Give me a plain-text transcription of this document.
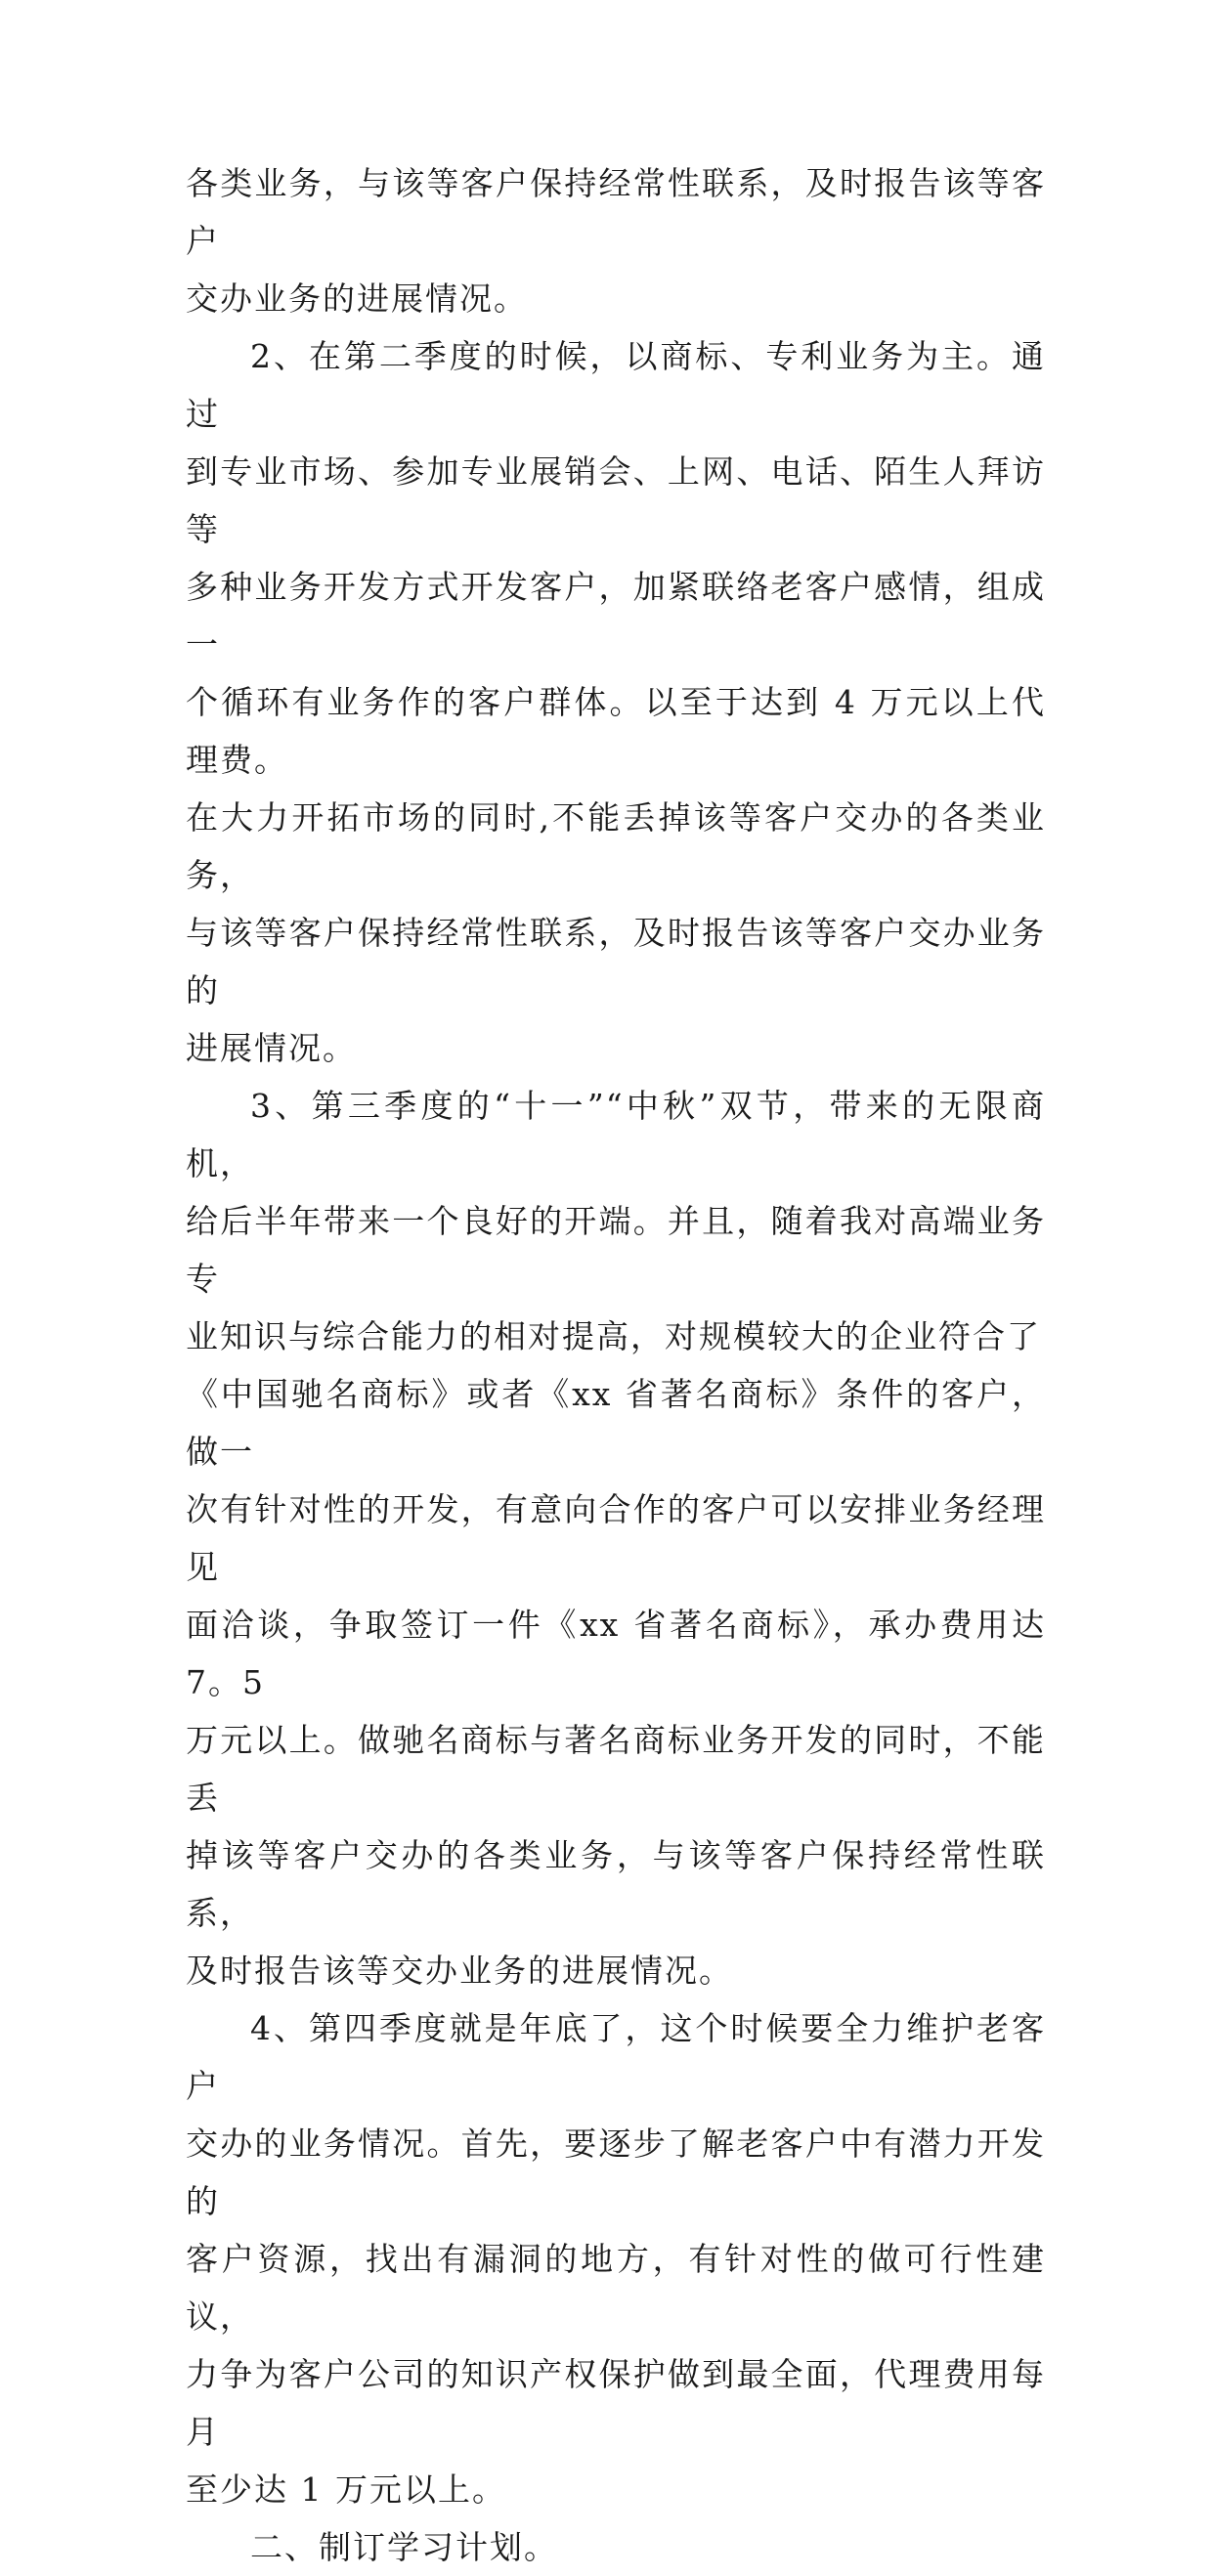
各类业务，与该等客户保持经常性联系，及时报告该等客户
交办业务的进展情况。

2、在第二季度的时候，以商标、专利业务为主。通过
到专业市场、参加专业展销会、上网、电话、陌生人拜访等
多种业务开发方式开发客户，加紧联络老客户感情，组成一
个循环有业务作的客户群体。以至于达到 4 万元以上代理费。
在大力开拓市场的同时,不能丢掉该等客户交办的各类业务，
与该等客户保持经常性联系，及时报告该等客户交办业务的
进展情况。

3、第三季度的“十一”“中秋”双节，带来的无限商机，
给后半年带来一个良好的开端。并且，随着我对高端业务专
业知识与综合能力的相对提高，对规模较大的企业符合了
《中国驰名商标》或者《xx 省著名商标》条件的客户，做一
次有针对性的开发，有意向合作的客户可以安排业务经理见
面洽谈，争取签订一件《xx 省著名商标》，承办费用达 7。5
万元以上。做驰名商标与著名商标业务开发的同时，不能丢
掉该等客户交办的各类业务，与该等客户保持经常性联系，
及时报告该等交办业务的进展情况。

4、第四季度就是年底了，这个时候要全力维护老客户
交办的业务情况。首先，要逐步了解老客户中有潜力开发的
客户资源，找出有漏洞的地方，有针对性的做可行性建议，
力争为客户公司的知识产权保护做到最全面，代理费用每月
至少达 1 万元以上。

二、制订学习计划。
